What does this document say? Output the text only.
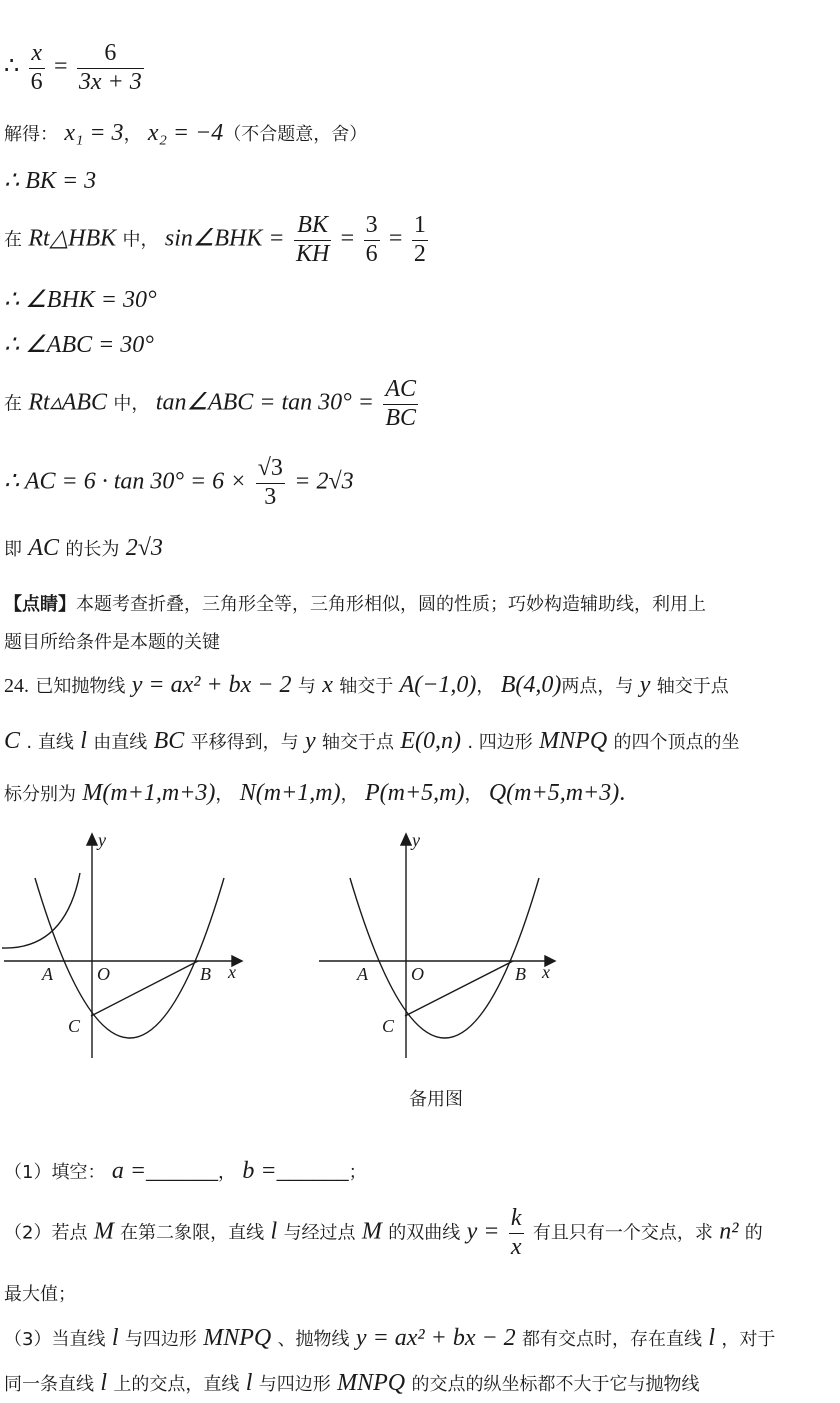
∴ $\frac{x}{6} = \frac{6}{3x + 3}$
解得： x₁ = 3， x₂ = −4（不合题意，舍）
∴ BK = 3
在 Rt△HBK 中， sin∠BHK = $\frac{BK}{KH} = \frac{3}{6} = \frac{1}{2}$
∴ ∠BHK = 30°
∴ ∠ABC = 30°
在 Rt▵ABC 中， tan∠ABC = $\tan 30^\circ = \frac{AC}{BC}$
∴ AC = $6 \cdot \tan 30^\circ = 6 \times \frac{√3}{3} = 2√3$
即 AC 的长为 2√3
【点睛】本题考查折叠，三角形全等，三角形相似，圆的性质；巧妙构造辅助线，利用上
题目所给条件是本题的关键
24. 已知抛物线 y = ax² + bx − 2 与 x 轴交于 A(−1,0)， B(4,0)两点，与 y 轴交于点
C . 直线 l 由直线 BC 平移得到，与 y 轴交于点 E(0,n) . 四边形 MNPQ 的四个顶点的坐
标分别为 M(m+1,m+3)， N(m+1,m)， P(m+5,m)， Q(m+5,m+3).
y
x
A O	B
C
y
x
A O	B
C
备用图
（1）填空： a =______， b =______；
（2）若点 M 在第二象限，直线 l 与经过点 M 的双曲线 $y = \frac{k}{x}$ 有且只有一个交点，求 n² 的
最大值；
（3）当直线 l 与四边形 MNPQ 、抛物线 y = ax² + bx − 2 都有交点时，存在直线 l ，对于
同一条直线 l 上的交点，直线 l 与四边形 MNPQ 的交点的纵坐标都不大于它与抛物线
